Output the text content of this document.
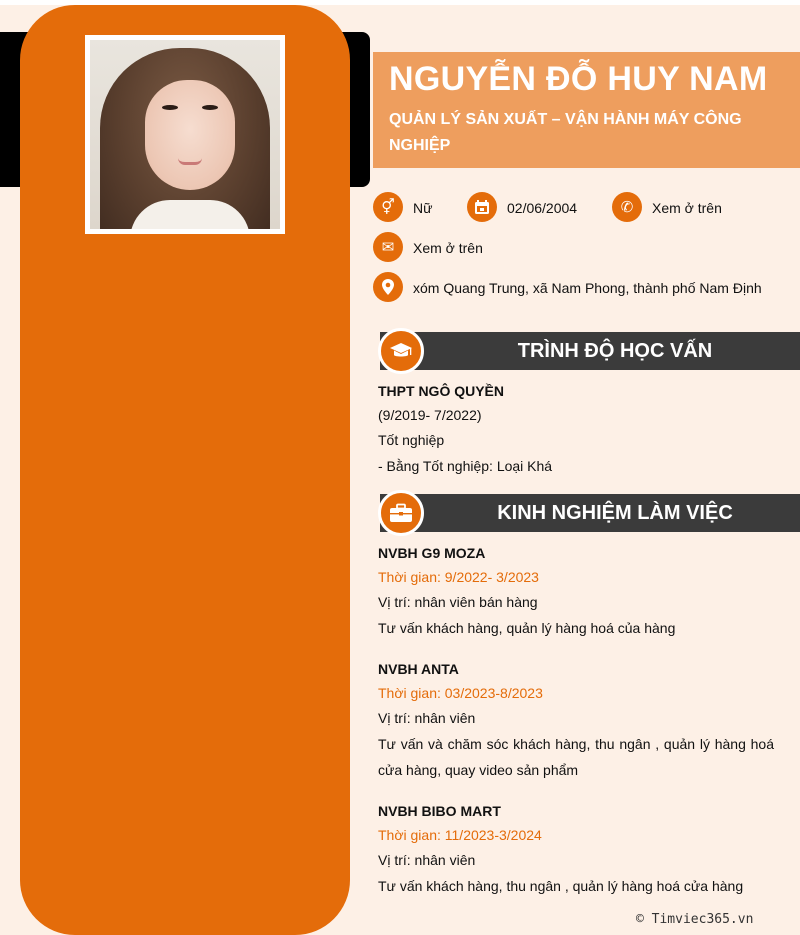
NGUYỄN ĐỖ HUY NAM
QUẢN LÝ SẢN XUẤT – VẬN HÀNH MÁY CÔNG NGHIỆP
⚥	Nữ	02/06/2004	✆	Xem ở trên
✉	Xem ở trên
xóm Quang Trung, xã Nam Phong, thành phố Nam Định
TRÌNH ĐỘ HỌC VẤN
THPT NGÔ QUYỀN
(9/2019- 7/2022)
Tốt nghiệp
- Bằng Tốt nghiệp: Loại Khá
KINH NGHIỆM LÀM VIỆC
NVBH G9 MOZA
Thời gian: 9/2022- 3/2023
Vị trí: nhân viên bán hàng
Tư vấn khách hàng, quản lý hàng hoá của hàng
NVBH ANTA
Thời gian: 03/2023-8/2023
Vị trí: nhân viên
Tư vấn và chăm sóc khách hàng, thu ngân , quản lý hàng hoá cửa hàng, quay video sản phẩm
NVBH BIBO MART
Thời gian: 11/2023-3/2024
Vị trí: nhân viên
Tư vấn khách hàng, thu ngân , quản lý hàng hoá cửa hàng
© Timviec365.vn
